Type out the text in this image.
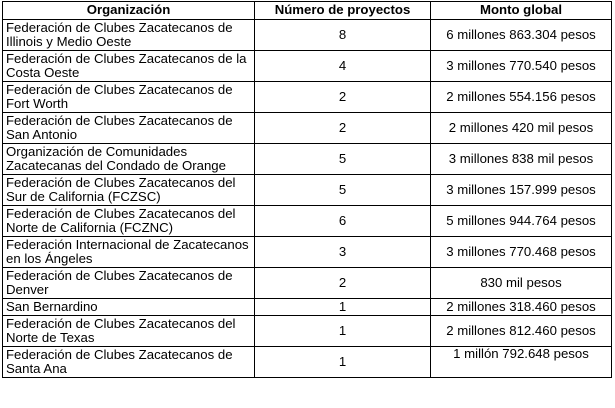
Organización	Número de proyectos	Monto global
Federación de Clubes Zacatecanos de Illinois y Medio Oeste	8	6 millones 863.304 pesos
Federación de Clubes Zacatecanos de la Costa Oeste	4	3 millones 770.540 pesos
Federación de Clubes Zacatecanos de Fort Worth	2	2 millones 554.156 pesos
Federación de Clubes Zacatecanos de San Antonio	2	2 millones 420 mil pesos
Organización de Comunidades Zacatecanas del Condado de Orange	5	3 millones 838 mil pesos
Federación de Clubes Zacatecanos del Sur de California (FCZSC)	5	3 millones 157.999 pesos
Federación de Clubes Zacatecanos del Norte de California (FCZNC)	6	5 millones 944.764 pesos
Federación Internacional de Zacatecanos en los Ángeles	3	3 millones 770.468 pesos
Federación de Clubes Zacatecanos de Denver	2	830 mil pesos
San Bernardino	1	2 millones 318.460 pesos
Federación de Clubes Zacatecanos del Norte de Texas	1	2 millones 812.460 pesos
Federación de Clubes Zacatecanos de Santa Ana	1	1 millón 792.648 pesos
